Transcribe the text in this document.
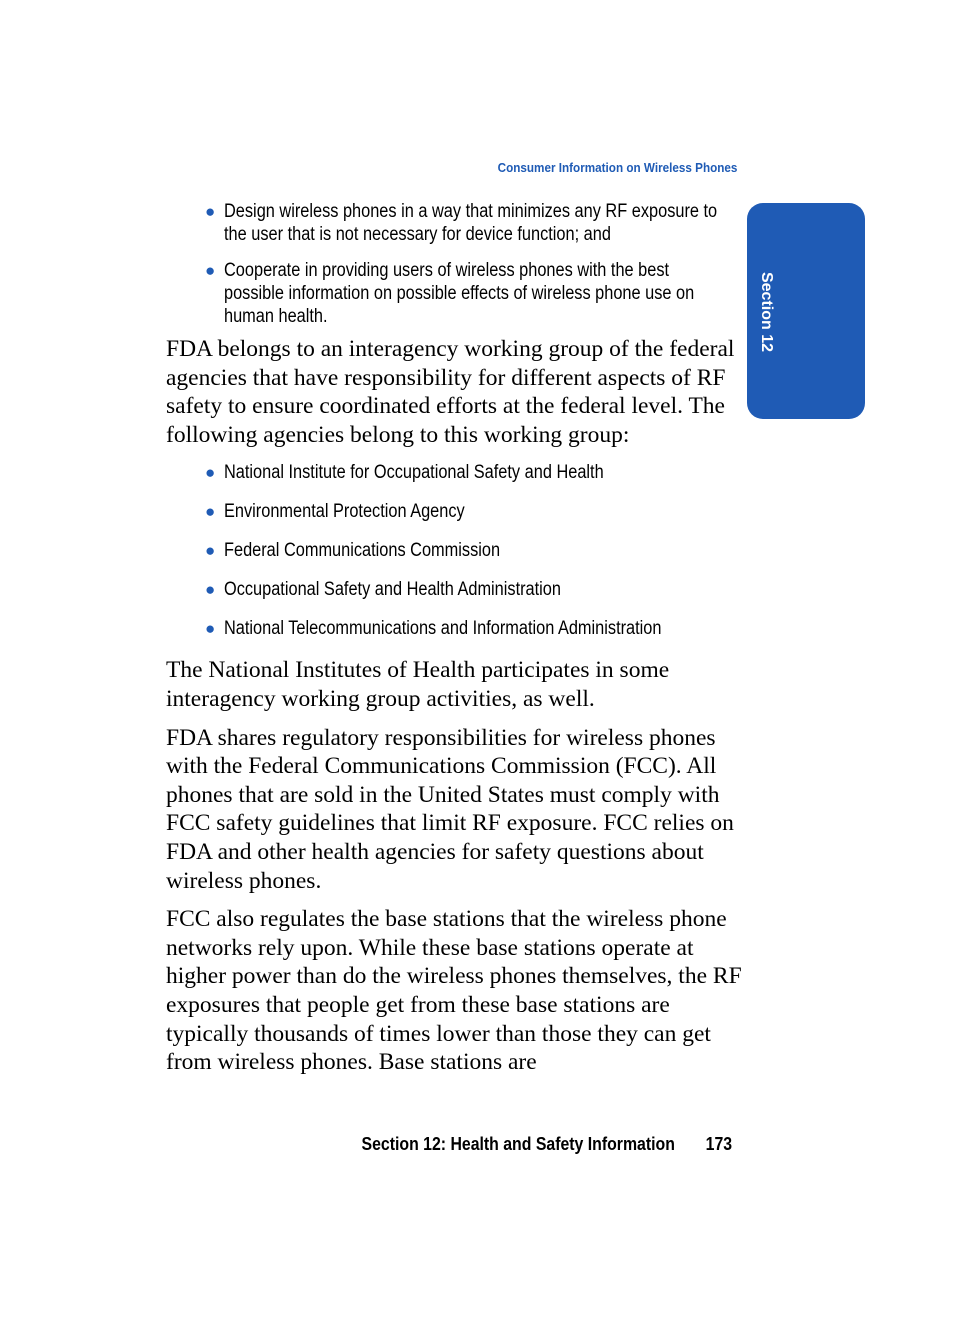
Consumer Information on Wireless Phones
Section 12
● Design wireless phones in a way that minimizes any RF exposure to the user that is not necessary for device function; and
● Cooperate in providing users of wireless phones with the best possible information on possible effects of wireless phone use on human health.

FDA belongs to an interagency working group of the federal agencies that have responsibility for different aspects of RF safety to ensure coordinated efforts at the federal level. The following agencies belong to this working group:

● National Institute for Occupational Safety and Health
● Environmental Protection Agency
● Federal Communications Commission
● Occupational Safety and Health Administration
● National Telecommunications and Information Administration

The National Institutes of Health participates in some interagency working group activities, as well.

FDA shares regulatory responsibilities for wireless phones with the Federal Communications Commission (FCC). All phones that are sold in the United States must comply with FCC safety guidelines that limit RF exposure. FCC relies on FDA and other health agencies for safety questions about wireless phones.

FCC also regulates the base stations that the wireless phone networks rely upon. While these base stations operate at higher power than do the wireless phones themselves, the RF exposures that people get from these base stations are typically thousands of times lower than those they can get from wireless phones. Base stations are

Section 12: Health and Safety Information 173
